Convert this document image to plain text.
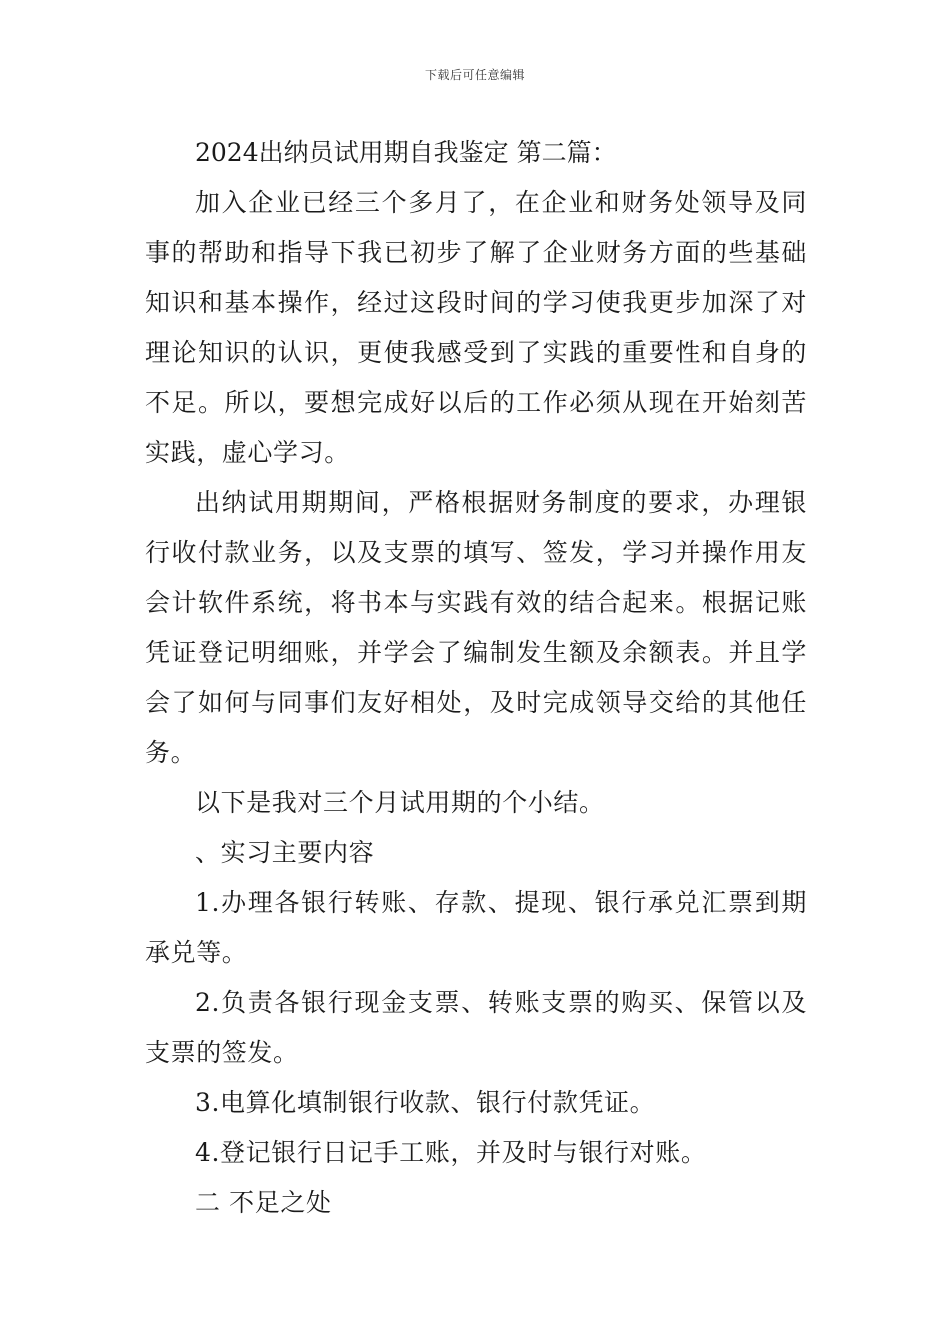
下载后可任意编辑

2024出纳员试用期自我鉴定 第二篇：

加入企业已经三个多月了，在企业和财务处领导及同事的帮助和指导下我已初步了解了企业财务方面的些基础知识和基本操作，经过这段时间的学习使我更步加深了对理论知识的认识，更使我感受到了实践的重要性和自身的不足。所以，要想完成好以后的工作必须从现在开始刻苦实践，虚心学习。

出纳试用期期间，严格根据财务制度的要求，办理银行收付款业务，以及支票的填写、签发，学习并操作用友会计软件系统，将书本与实践有效的结合起来。根据记账凭证登记明细账，并学会了编制发生额及余额表。并且学会了如何与同事们友好相处，及时完成领导交给的其他任务。

以下是我对三个月试用期的个小结。

、实习主要内容

1.办理各银行转账、存款、提现、银行承兑汇票到期承兑等。

2.负责各银行现金支票、转账支票的购买、保管以及支票的签发。

3.电算化填制银行收款、银行付款凭证。

4.登记银行日记手工账，并及时与银行对账。

二 不足之处
